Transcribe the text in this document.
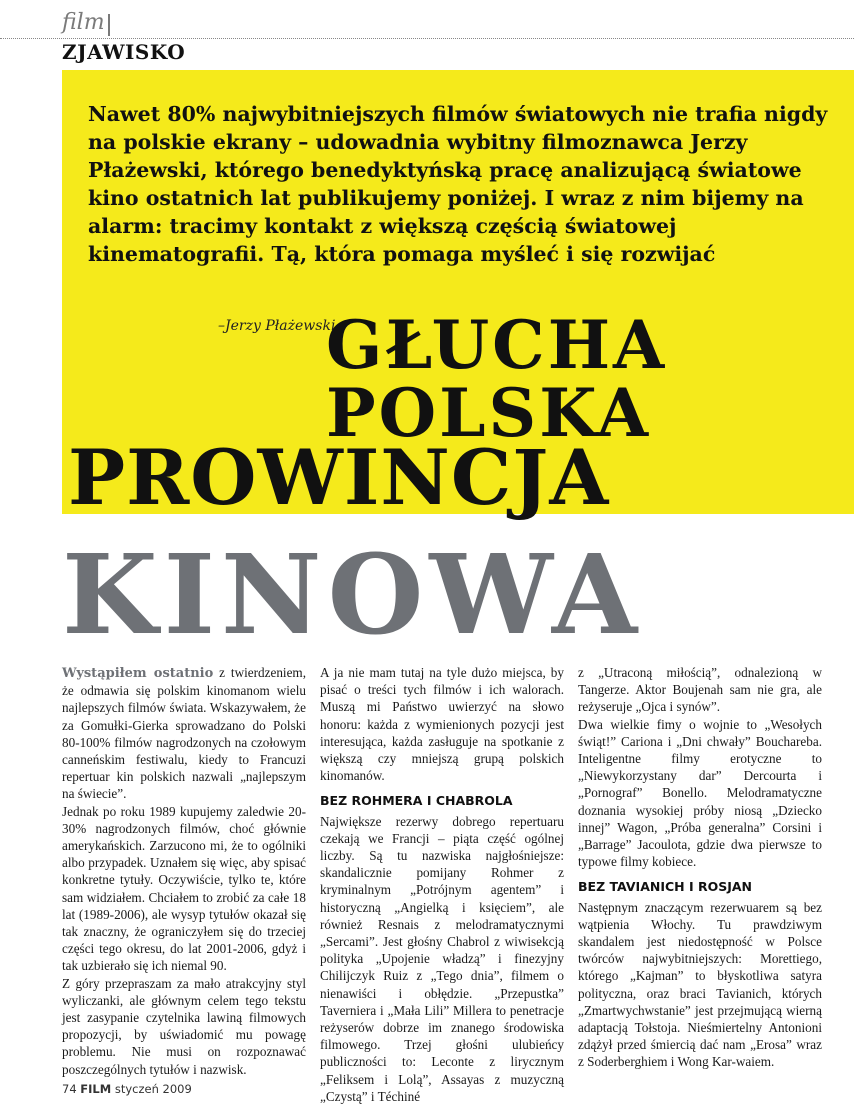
film
ZJAWISKO
Nawet 80% najwybitniejszych filmów światowych nie trafia nigdy na polskie ekrany – udowadnia wybitny filmoznawca Jerzy Płażewski, którego benedyktyńską pracę analizującą światowe kino ostatnich lat publikujemy poniżej. I wraz z nim bijemy na alarm: tracimy kontakt z większą częścią światowej kinematografii. Tą, która pomaga myśleć i się rozwijać
–Jerzy Płażewski
GŁUCHA
POLSKA
PROWINCJA
KINOWA

Wystąpiłem ostatnio z twierdzeniem, że odmawia się polskim kinomanom wielu najlepszych filmów świata. Wskazywałem, że za Gomułki-Gierka sprowadzano do Polski 80-100% filmów nagrodzonych na czołowym canneńskim festiwalu, kiedy to Francuzi repertuar kin polskich nazwali „najlepszym na świecie”.

Jednak po roku 1989 kupujemy zaledwie 20-30% nagrodzonych filmów, choć głównie amerykańskich. Zarzucono mi, że to ogólniki albo przypadek. Uznałem się więc, aby spisać konkretne tytuły. Oczywiście, tylko te, które sam widziałem. Chciałem to zrobić za całe 18 lat (1989-2006), ale wysyp tytułów okazał się tak znaczny, że ograniczyłem się do trzeciej części tego okresu, do lat 2001-2006, gdyż i tak uzbierało się ich niemal 90.

Z góry przepraszam za mało atrakcyjny styl wyliczanki, ale głównym celem tego tekstu jest zasypanie czytelnika lawiną filmowych propozycji, by uświadomić mu powagę problemu. Nie musi on rozpoznawać poszczególnych tytułów i nazwisk.

A ja nie mam tutaj na tyle dużo miejsca, by pisać o treści tych filmów i ich walorach. Muszą mi Państwo uwierzyć na słowo honoru: każda z wymienionych pozycji jest interesująca, każda zasługuje na spotkanie z większą czy mniejszą grupą polskich kinomanów.

BEZ ROHMERA I CHABROLA

Największe rezerwy dobrego repertuaru czekają we Francji – piąta część ogólnej liczby. Są tu nazwiska najgłośniejsze: skandalicznie pomijany Rohmer z kryminalnym „Potrójnym agentem” i historyczną „Angielką i księciem”, ale również Resnais z melodramatycznymi „Sercami”. Jest głośny Chabrol z wiwisekcją polityka „Upojenie władzą” i finezyjny Chilijczyk Ruiz z „Tego dnia”, filmem o nienawiści i obłędzie. „Przepustka” Taverniera i „Mała Lili” Millera to penetracje reżyserów dobrze im znanego środowiska filmowego. Trzej głośni ulubieńcy publiczności to: Leconte z lirycznym „Feliksem i Lolą”, Assayas z muzyczną „Czystą” i Téchiné

z „Utraconą miłością”, odnalezioną w Tangerze. Aktor Boujenah sam nie gra, ale reżyseruje „Ojca i synów”.

Dwa wielkie fimy o wojnie to „Wesołych świąt!” Cariona i „Dni chwały” Bouchareba. Inteligentne filmy erotyczne to „Niewykorzystany dar” Dercourta i „Pornograf” Bonello. Melodramatyczne doznania wysokiej próby niosą „Dziecko innej” Wagon, „Próba generalna” Corsini i „Barrage” Jacoulota, gdzie dwa pierwsze to typowe filmy kobiece.

BEZ TAVIANICH I ROSJAN

Następnym znaczącym rezerwuarem są bez wątpienia Włochy. Tu prawdziwym skandalem jest niedostępność w Polsce twórców najwybitniejszych: Morettiego, którego „Kajman” to błyskotliwa satyra polityczna, oraz braci Tavianich, których „Zmartwychwstanie” jest przejmującą wierną adaptacją Tołstoja. Nieśmiertelny Antonioni zdążył przed śmiercią dać nam „Erosa” wraz z Soderberghiem i Wong Kar-waiem.

74 FILM styczeń 2009
